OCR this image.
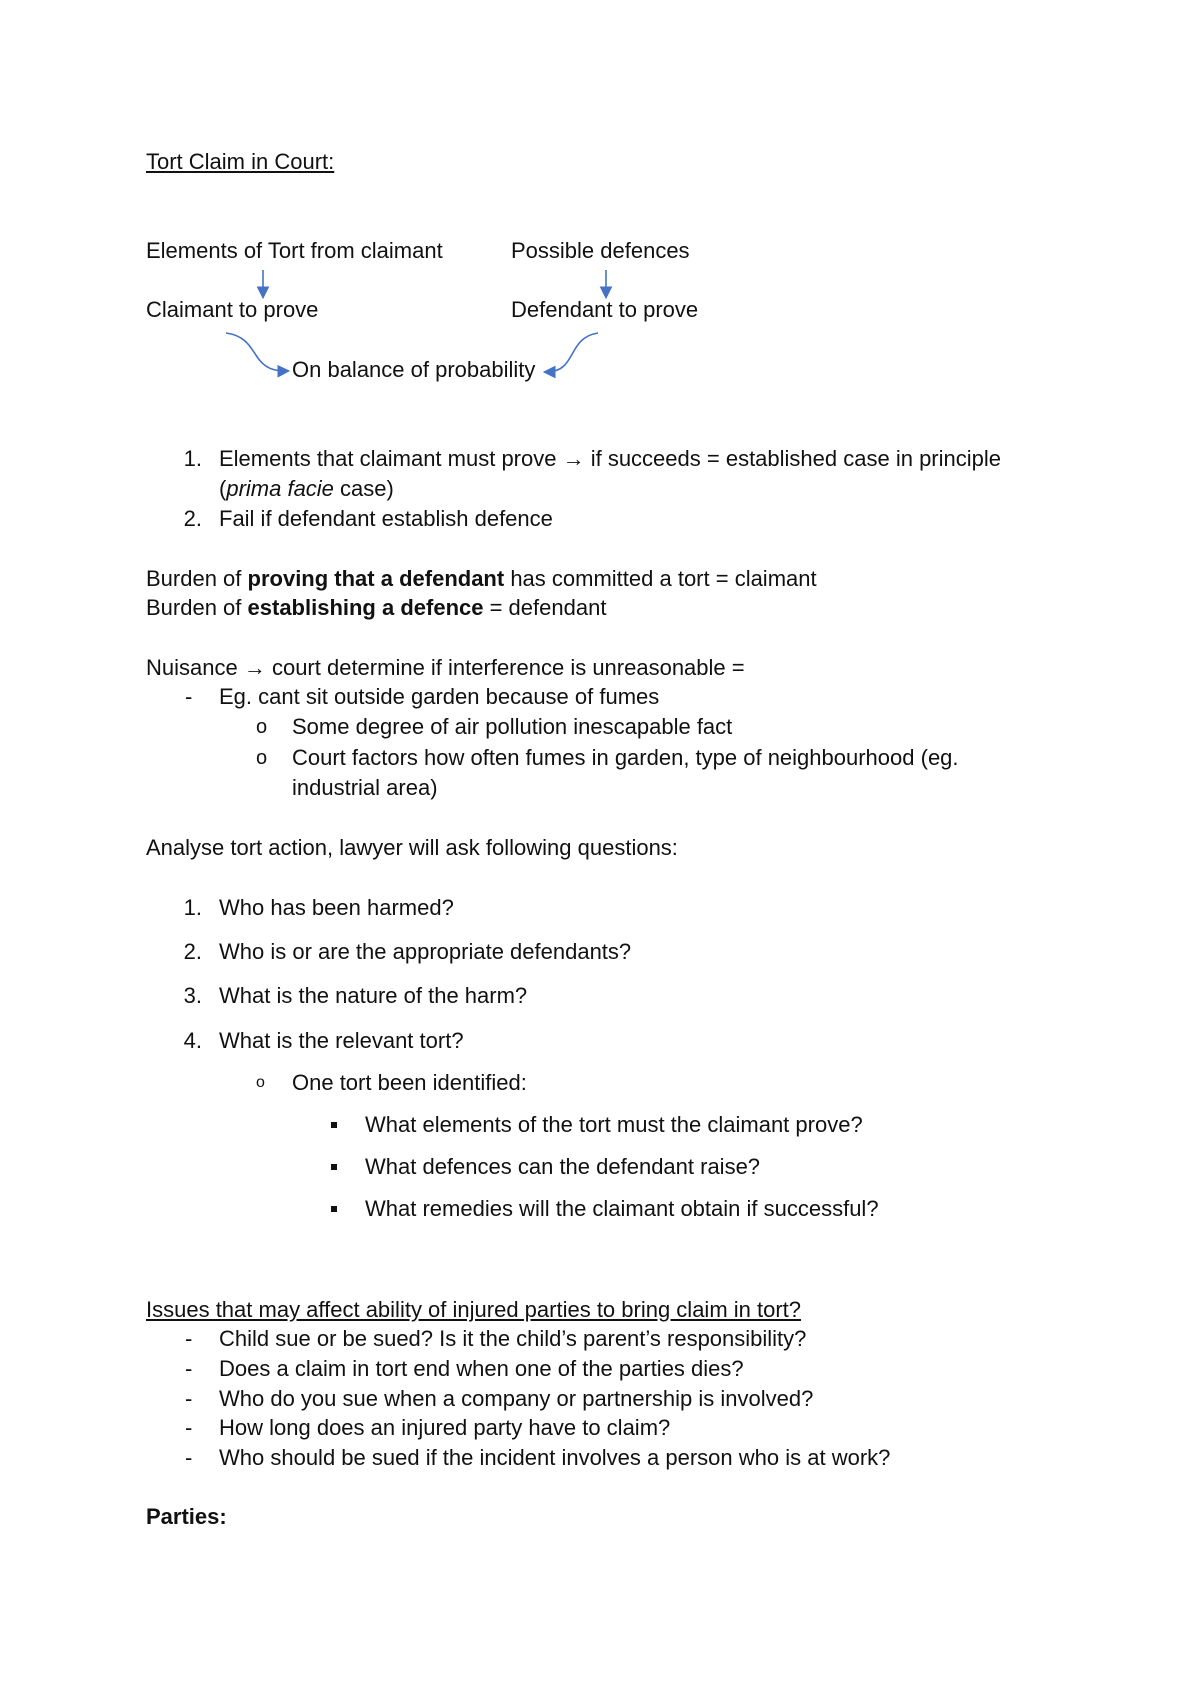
Tort Claim in Court:
Elements of Tort from claimant	Possible defences
Claimant to prove	Defendant to prove
On balance of probability
1. Elements that claimant must prove → if succeeds = established case in principle
(prima facie case)
2. Fail if defendant establish defence
Burden of proving that a defendant has committed a tort = claimant
Burden of establishing a defence = defendant
Nuisance → court determine if interference is unreasonable =
- Eg. cant sit outside garden because of fumes
o Some degree of air pollution inescapable fact
o Court factors how often fumes in garden, type of neighbourhood (eg.
industrial area)
Analyse tort action, lawyer will ask following questions:
1. Who has been harmed?
2. Who is or are the appropriate defendants?
3. What is the nature of the harm?
4. What is the relevant tort?
o One tort been identified:
What elements of the tort must the claimant prove?
What defences can the defendant raise?
What remedies will the claimant obtain if successful?
Issues that may affect ability of injured parties to bring claim in tort?
- Child sue or be sued? Is it the child’s parent’s responsibility?
- Does a claim in tort end when one of the parties dies?
- Who do you sue when a company or partnership is involved?
- How long does an injured party have to claim?
- Who should be sued if the incident involves a person who is at work?
Parties:
